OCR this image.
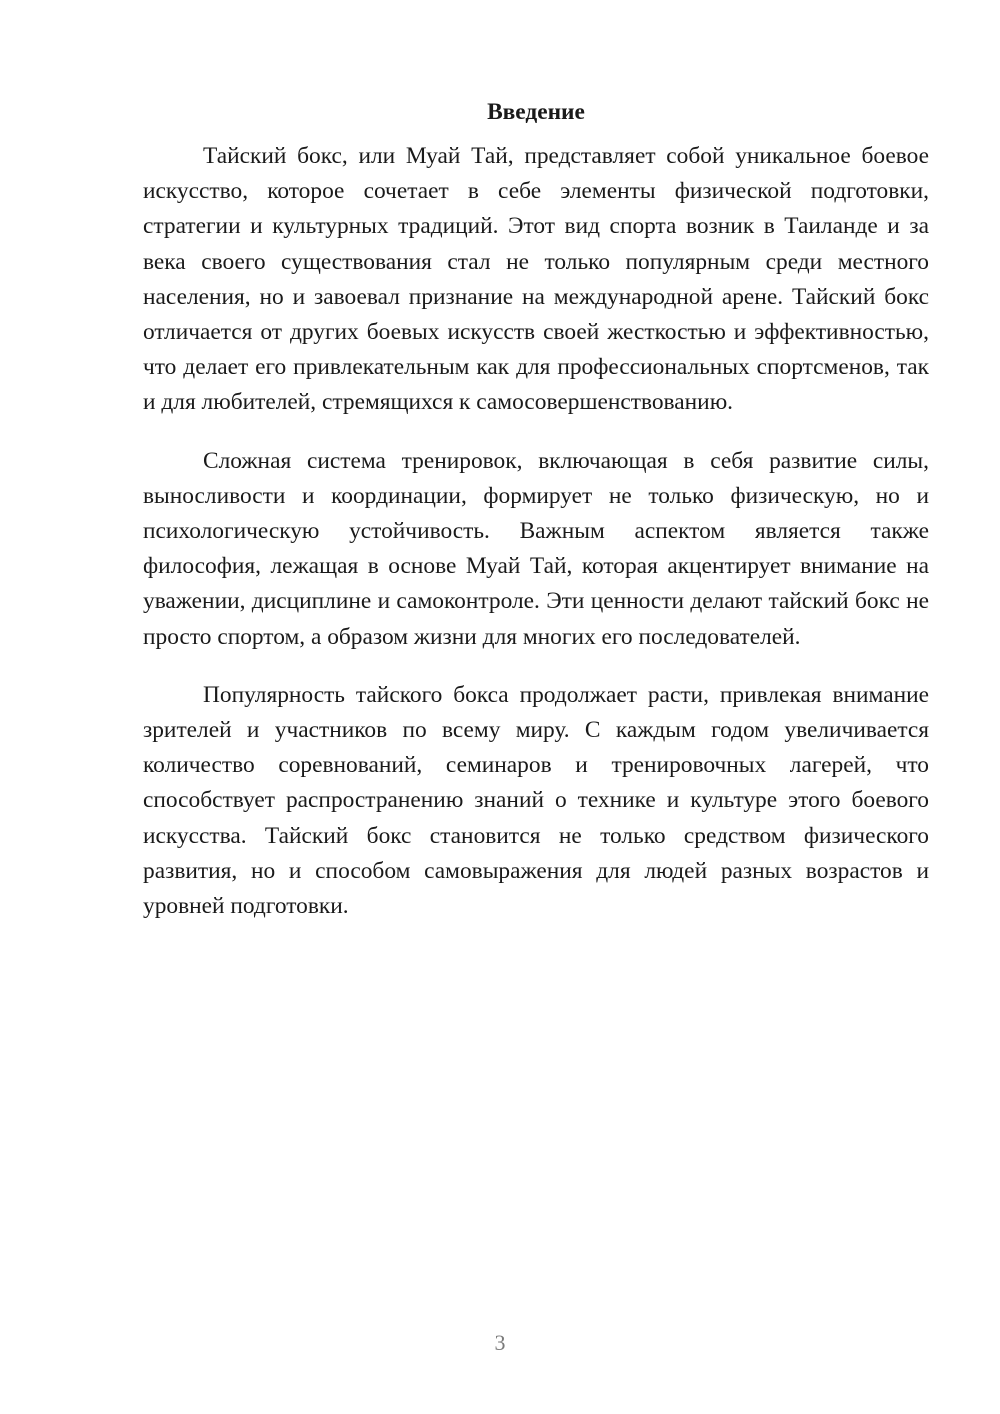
Введение

Тайский бокс, или Муай Тай, представляет собой уникальное боевое искусство, которое сочетает в себе элементы физической подготовки, стратегии и культурных традиций. Этот вид спорта возник в Таиланде и за века своего существования стал не только популярным среди местного населения, но и завоевал признание на международной арене. Тайский бокс отличается от других боевых искусств своей жесткостью и эффективностью, что делает его привлекательным как для профессиональных спортсменов, так и для любителей, стремящихся к самосовершенствованию.

Сложная система тренировок, включающая в себя развитие силы, выносливости и координации, формирует не только физическую, но и психологическую устойчивость. Важным аспектом является также философия, лежащая в основе Муай Тай, которая акцентирует внимание на уважении, дисциплине и самоконтроле. Эти ценности делают тайский бокс не просто спортом, а образом жизни для многих его последователей.

Популярность тайского бокса продолжает расти, привлекая внимание зрителей и участников по всему миру. С каждым годом увеличивается количество соревнований, семинаров и тренировочных лагерей, что способствует распространению знаний о технике и культуре этого боевого искусства. Тайский бокс становится не только средством физического развития, но и способом самовыражения для людей разных возрастов и уровней подготовки.

3
